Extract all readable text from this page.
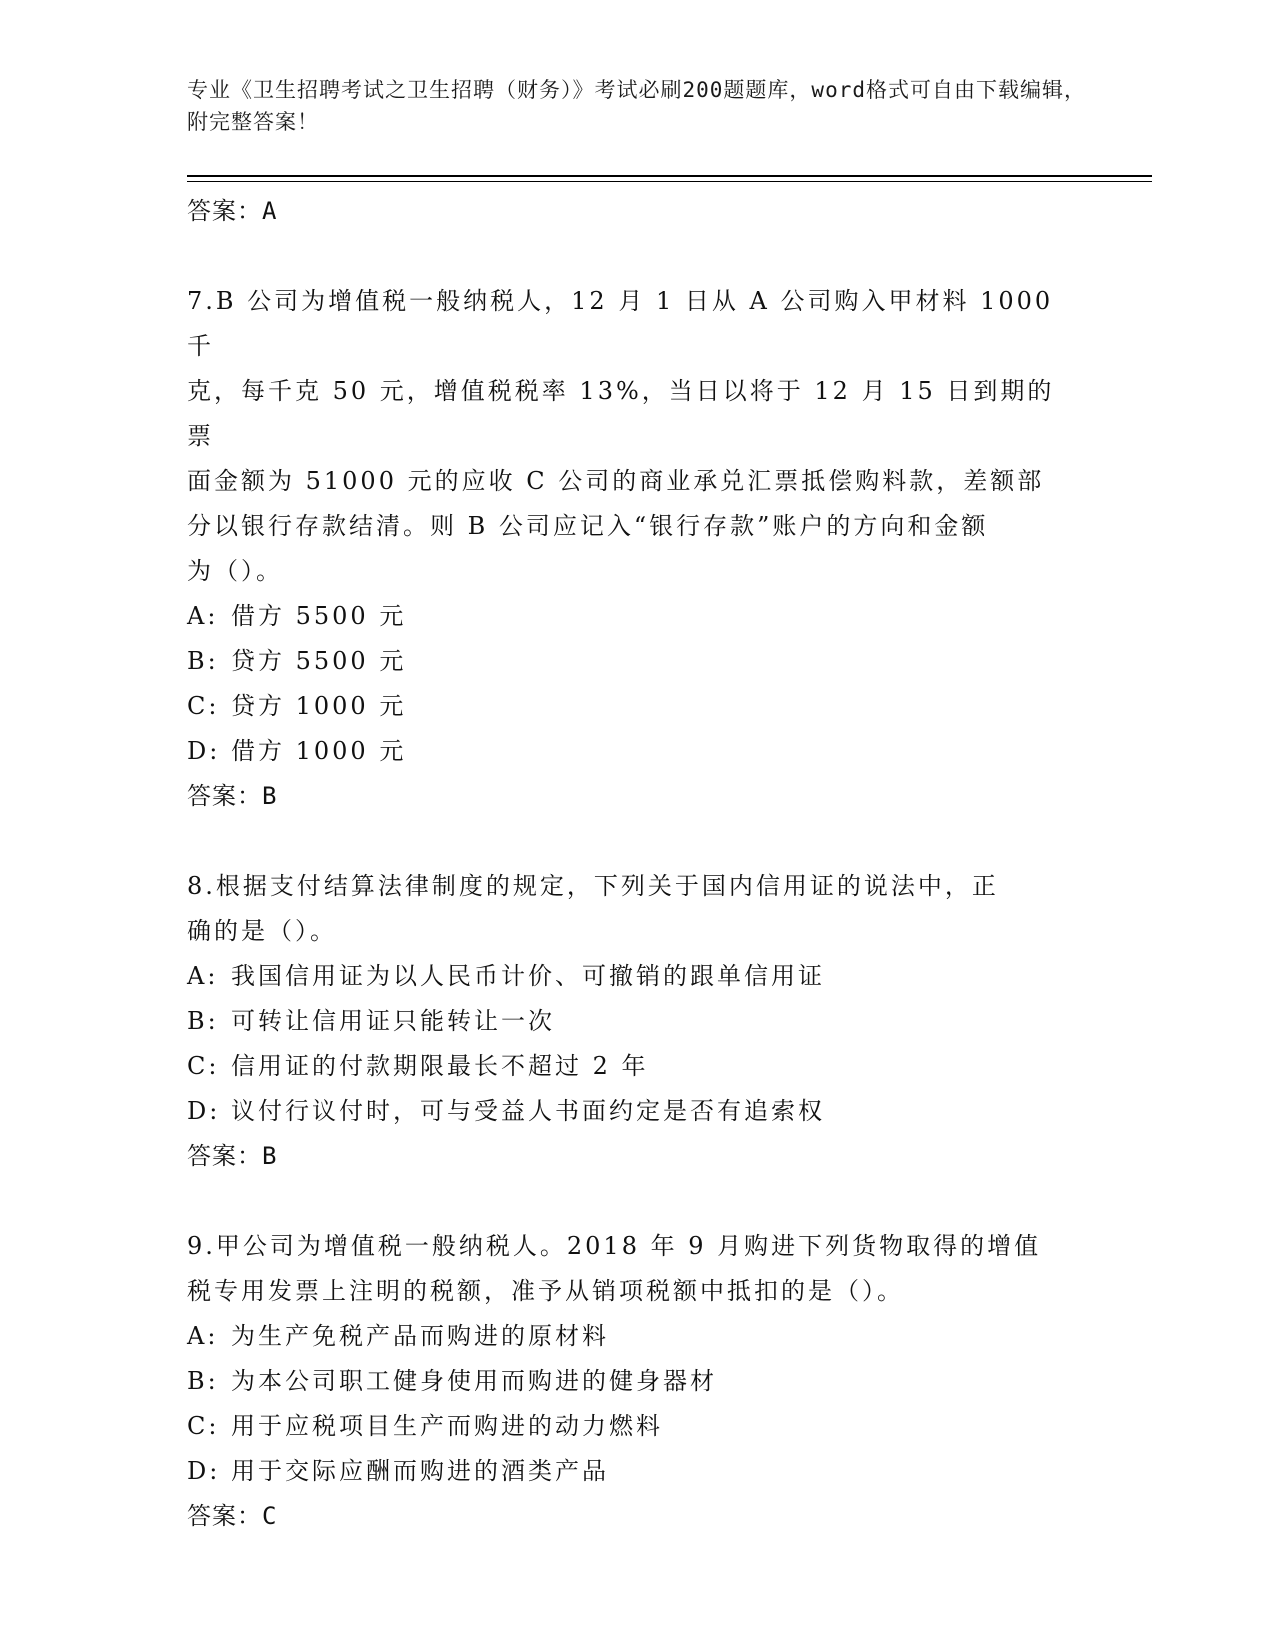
专业《卫生招聘考试之卫生招聘（财务）》考试必刷200题题库，word格式可自由下载编辑，附完整答案！
答案：A
7.B 公司为增值税一般纳税人，12 月 1 日从 A 公司购入甲材料 1000 千
克，每千克 50 元，增值税税率 13%，当日以将于 12 月 15 日到期的票
面金额为 51000 元的应收 C 公司的商业承兑汇票抵偿购料款，差额部
分以银行存款结清。则 B 公司应记入“银行存款”账户的方向和金额
为（）。
A: 借方 5500 元
B: 贷方 5500 元
C: 贷方 1000 元
D: 借方 1000 元
答案：B
8.根据支付结算法律制度的规定，下列关于国内信用证的说法中，正
确的是（）。
A: 我国信用证为以人民币计价、可撤销的跟单信用证
B: 可转让信用证只能转让一次
C: 信用证的付款期限最长不超过 2 年
D: 议付行议付时，可与受益人书面约定是否有追索权
答案：B
9.甲公司为增值税一般纳税人。2018 年 9 月购进下列货物取得的增值
税专用发票上注明的税额，准予从销项税额中抵扣的是（）。
A: 为生产免税产品而购进的原材料
B: 为本公司职工健身使用而购进的健身器材
C: 用于应税项目生产而购进的动力燃料
D: 用于交际应酬而购进的酒类产品
答案：C
